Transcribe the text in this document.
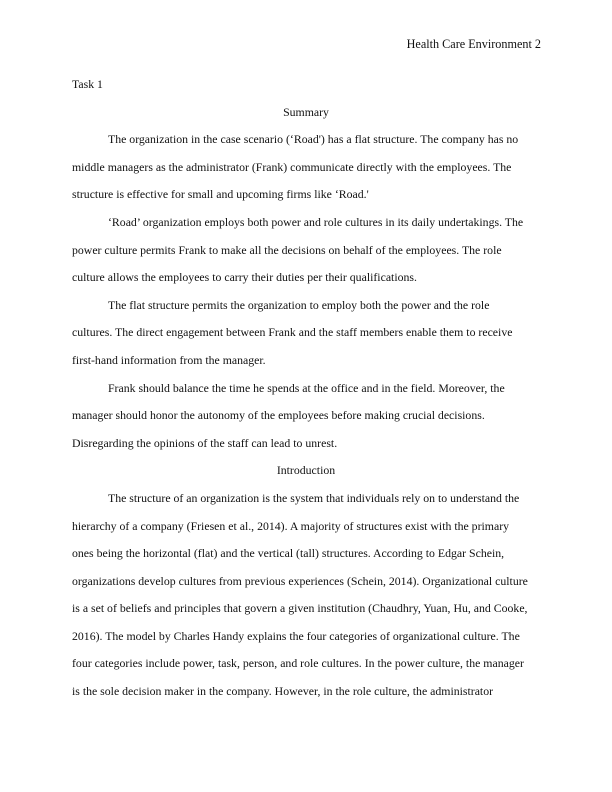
Health Care Environment 2

Task 1

Summary

The organization in the case scenario (‘Road') has a flat structure. The company has no
middle managers as the administrator (Frank) communicate directly with the employees. The
structure is effective for small and upcoming firms like ‘Road.'

‘Road’ organization employs both power and role cultures in its daily undertakings. The
power culture permits Frank to make all the decisions on behalf of the employees. The role
culture allows the employees to carry their duties per their qualifications.

The flat structure permits the organization to employ both the power and the role
cultures. The direct engagement between Frank and the staff members enable them to receive
first-hand information from the manager.

Frank should balance the time he spends at the office and in the field. Moreover, the
manager should honor the autonomy of the employees before making crucial decisions.
Disregarding the opinions of the staff can lead to unrest.

Introduction

The structure of an organization is the system that individuals rely on to understand the
hierarchy of a company (Friesen et al., 2014). A majority of structures exist with the primary
ones being the horizontal (flat) and the vertical (tall) structures. According to Edgar Schein,
organizations develop cultures from previous experiences (Schein, 2014). Organizational culture
is a set of beliefs and principles that govern a given institution (Chaudhry, Yuan, Hu, and Cooke,
2016). The model by Charles Handy explains the four categories of organizational culture. The
four categories include power, task, person, and role cultures. In the power culture, the manager
is the sole decision maker in the company. However, in the role culture, the administrator
